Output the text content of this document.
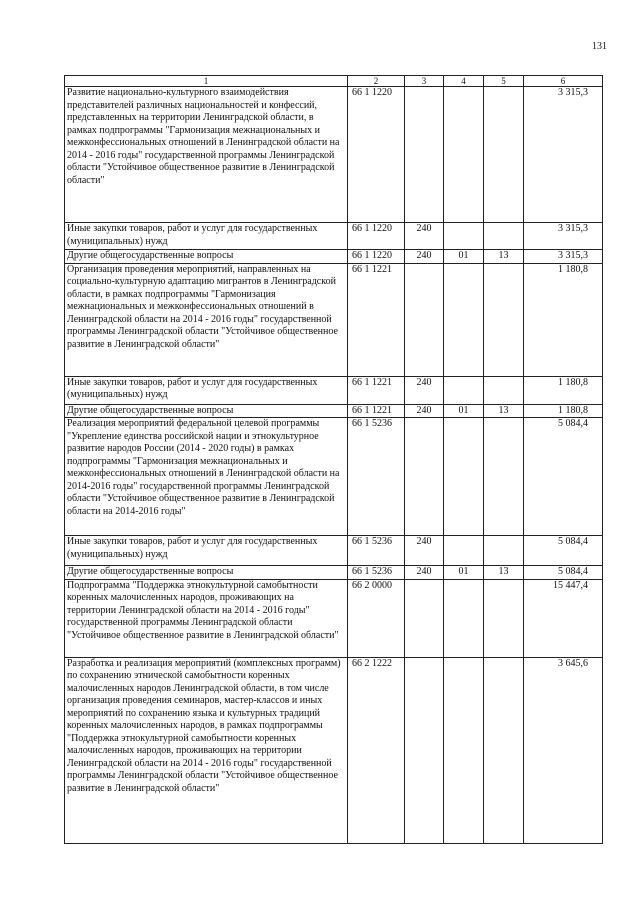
131
1	2	3	4	5	6
Развитие национально-культурного взаимодействия представителей различных национальностей и конфессий, представленных на территории Ленинградской области, в рамках подпрограммы "Гармонизация межнациональных и межконфессиональных отношений в Ленинградской области на 2014 - 2016 годы" государственной программы Ленинградской области "Устойчивое общественное развитие в Ленинградской области"	66 1 1220				3 315,3
Иные закупки товаров, работ и услуг для государственных (муниципальных) нужд	66 1 1220	240			3 315,3
Другие общегосударственные вопросы	66 1 1220	240	01	13	3 315,3
Организация проведения мероприятий, направленных на социально-культурную адаптацию мигрантов в Ленинградской области, в рамках подпрограммы "Гармонизация межнациональных и межконфессиональных отношений в Ленинградской области на 2014 - 2016 годы" государственной программы Ленинградской области "Устойчивое общественное развитие в Ленинградской области"	66 1 1221				1 180,8
Иные закупки товаров, работ и услуг для государственных (муниципальных) нужд	66 1 1221	240			1 180,8
Другие общегосударственные вопросы	66 1 1221	240	01	13	1 180,8
Реализация мероприятий федеральной целевой программы "Укрепление единства российской нации и этнокультурное развитие народов России (2014 - 2020 годы) в рамках подпрограммы "Гармонизация межнациональных и межконфессиональных отношений в Ленинградской области на 2014-2016 годы" государственной программы Ленинградской области "Устойчивое общественное развитие в Ленинградской области на 2014-2016 годы"	66 1 5236				5 084,4
Иные закупки товаров, работ и услуг для государственных (муниципальных) нужд	66 1 5236	240			5 084,4
Другие общегосударственные вопросы	66 1 5236	240	01	13	5 084,4
Подпрограмма "Поддержка этнокультурной самобытности коренных малочисленных народов, проживающих на территории Ленинградской области на 2014 - 2016 годы" государственной программы Ленинградской области "Устойчивое общественное развитие в Ленинградской области"	66 2 0000				15 447,4
Разработка и реализация мероприятий (комплексных программ) по сохранению этнической самобытности коренных малочисленных народов Ленинградской области, в том числе организация проведения семинаров, мастер-классов и иных мероприятий по сохранению языка и культурных традиций коренных малочисленных народов, в рамках подпрограммы "Поддержка этнокультурной самобытности коренных малочисленных народов, проживающих на территории Ленинградской области на 2014 - 2016 годы" государственной программы Ленинградской области "Устойчивое общественное развитие в Ленинградской области"	66 2 1222				3 645,6
